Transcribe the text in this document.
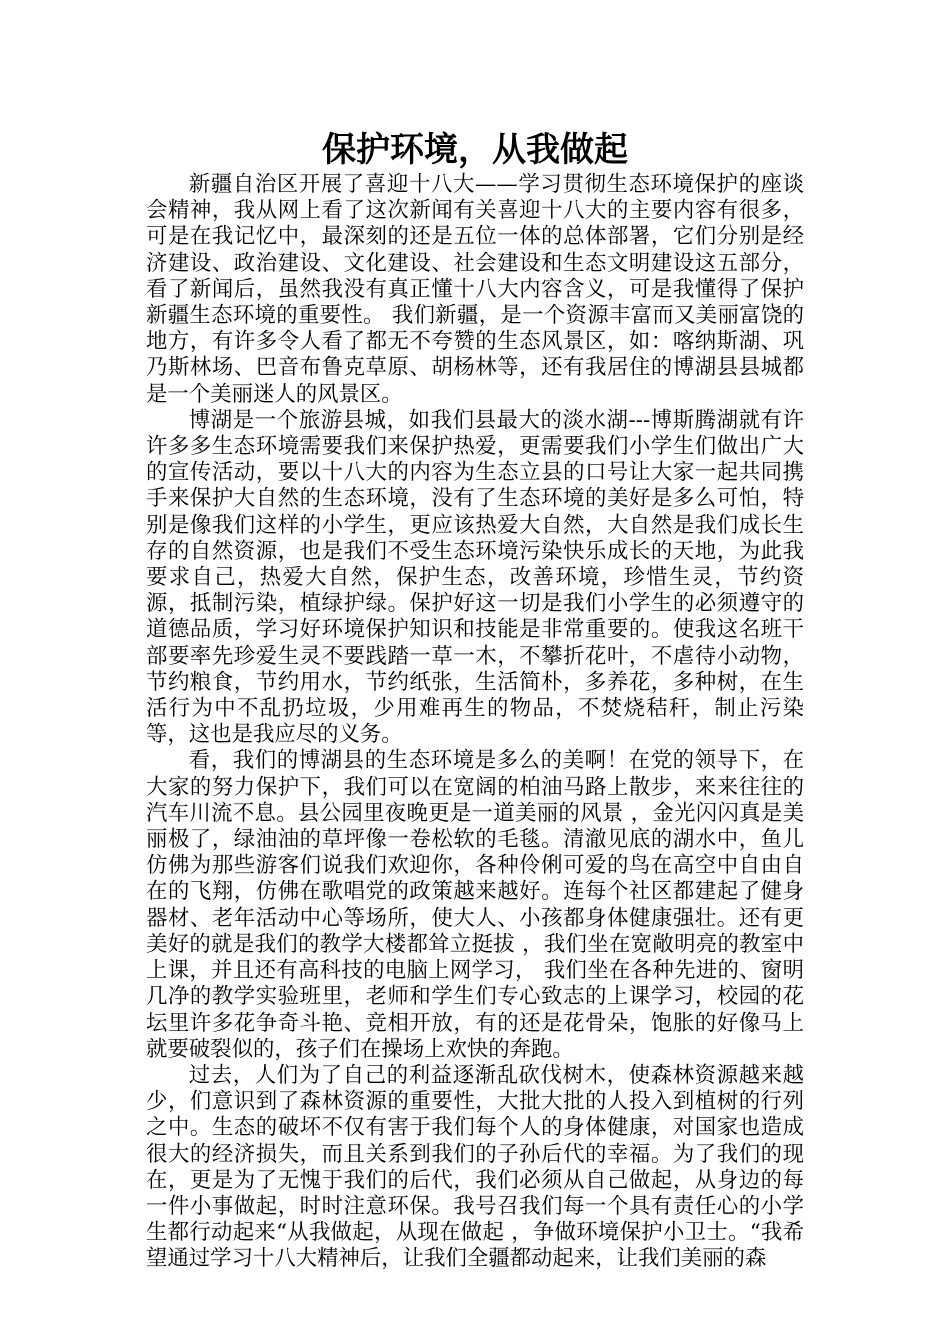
保护环境，从我做起

新疆自治区开展了喜迎十八大——学习贯彻生态环境保护的座谈会精神，我从网上看了这次新闻有关喜迎十八大的主要内容有很多，可是在我记忆中，最深刻的还是五位一体的总体部署，它们分别是经济建设、政治建设、文化建设、社会建设和生态文明建设这五部分，看了新闻后，虽然我没有真正懂十八大内容含义，可是我懂得了保护新疆生态环境的重要性。 我们新疆，是一个资源丰富而又美丽富饶的地方，有许多令人看了都无不夸赞的生态风景区，如：喀纳斯湖、巩乃斯林场、巴音布鲁克草原、胡杨林等，还有我居住的博湖县县城都是一个美丽迷人的风景区。

博湖是一个旅游县城，如我们县最大的淡水湖---博斯腾湖就有许许多多生态环境需要我们来保护热爱，更需要我们小学生们做出广大的宣传活动，要以十八大的内容为生态立县的口号让大家一起共同携手来保护大自然的生态环境，没有了生态环境的美好是多么可怕，特别是像我们这样的小学生，更应该热爱大自然，大自然是我们成长生存的自然资源，也是我们不受生态环境污染快乐成长的天地，为此我要求自己，热爱大自然，保护生态，改善环境，珍惜生灵，节约资源，抵制污染，植绿护绿。保护好这一切是我们小学生的必须遵守的道德品质，学习好环境保护知识和技能是非常重要的。使我这名班干部要率先珍爱生灵不要践踏一草一木，不攀折花叶，不虐待小动物，节约粮食，节约用水，节约纸张，生活简朴，多养花，多种树，在生活行为中不乱扔垃圾，少用难再生的物品，不焚烧秸秆，制止污染等，这也是我应尽的义务。

看，我们的博湖县的生态环境是多么的美啊！在党的领导下，在大家的努力保护下，我们可以在宽阔的柏油马路上散步，来来往往的汽车川流不息。县公园里夜晚更是一道美丽的风景 ，金光闪闪真是美丽极了，绿油油的草坪像一卷松软的毛毯。清澈见底的湖水中，鱼儿仿佛为那些游客们说我们欢迎你，各种伶俐可爱的鸟在高空中自由自在的飞翔，仿佛在歌唱党的政策越来越好。连每个社区都建起了健身器材、老年活动中心等场所，使大人、小孩都身体健康强壮。还有更美好的就是我们的教学大楼都耸立挺拔 ，我们坐在宽敞明亮的教室中上课，并且还有高科技的电脑上网学习， 我们坐在各种先进的、窗明几净的教学实验班里，老师和学生们专心致志的上课学习，校园的花坛里许多花争奇斗艳、竞相开放，有的还是花骨朵，饱胀的好像马上就要破裂似的，孩子们在操场上欢快的奔跑。

过去，人们为了自己的利益逐渐乱砍伐树木，使森林资源越来越少，们意识到了森林资源的重要性，大批大批的人投入到植树的行列之中。生态的破坏不仅有害于我们每个人的身体健康，对国家也造成很大的经济损失，而且关系到我们的子孙后代的幸福。为了我们的现在，更是为了无愧于我们的后代，我们必须从自己做起，从身边的每一件小事做起，时时注意环保。我号召我们每一个具有责任心的小学生都行动起来“从我做起，从现在做起 ，争做环境保护小卫士。“我希望通过学习十八大精神后，让我们全疆都动起来，让我们美丽的森
